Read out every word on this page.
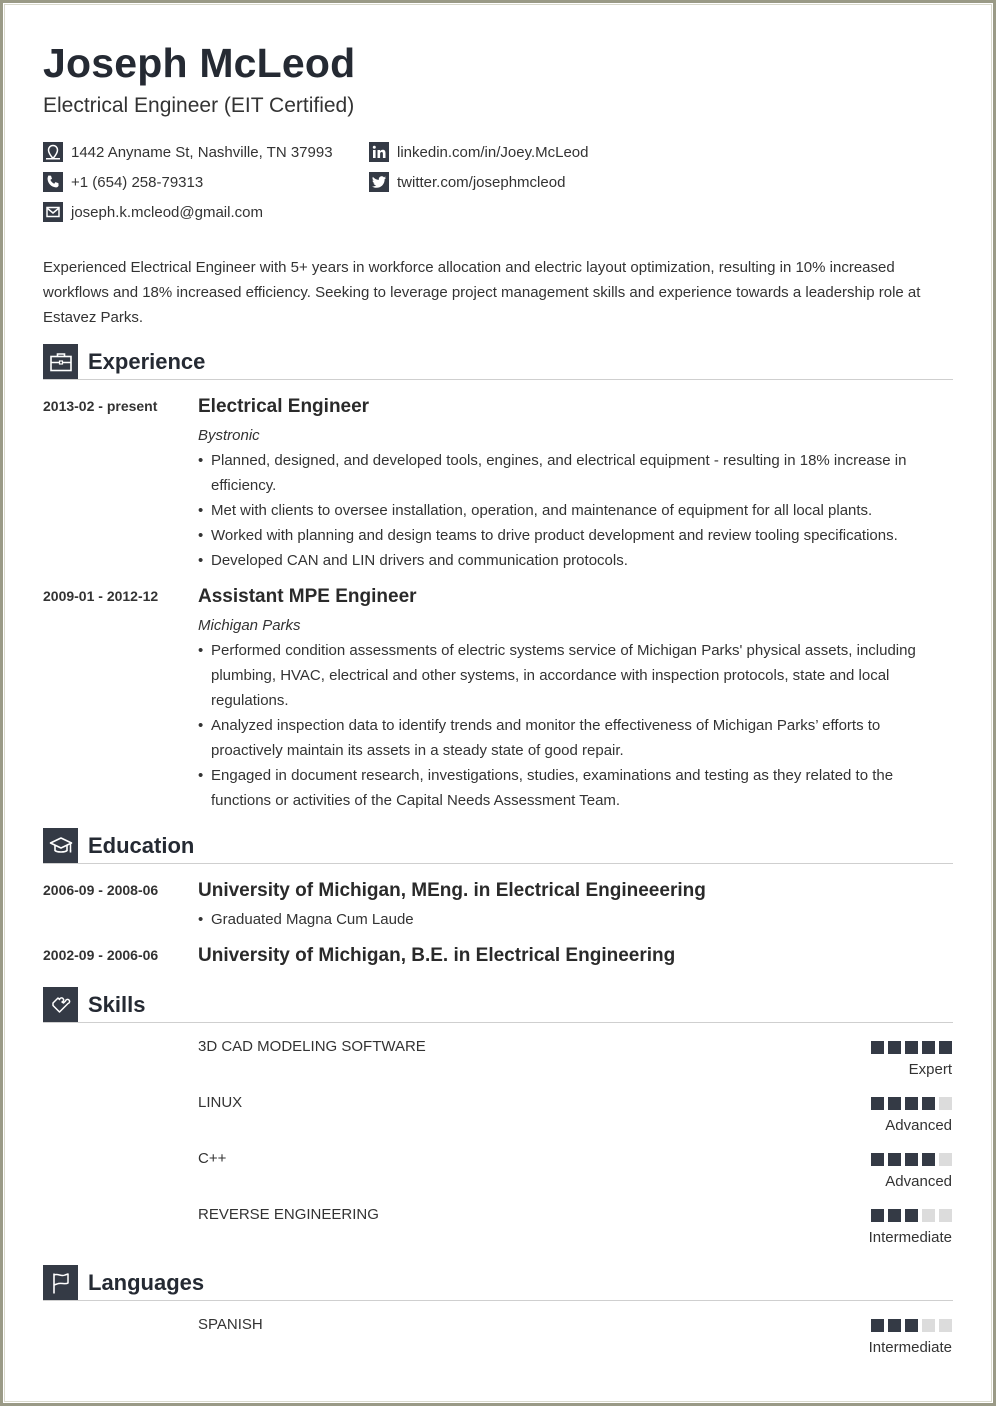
Joseph McLeod
Electrical Engineer (EIT Certified)
1442 Anyname St, Nashville, TN 37993
+1 (654) 258-79313
joseph.k.mcleod@gmail.com
linkedin.com/in/Joey.McLeod
twitter.com/josephmcleod

Experienced Electrical Engineer with 5+ years in workforce allocation and electric layout optimization, resulting in 10% increased workflows and 18% increased efficiency. Seeking to leverage project management skills and experience towards a leadership role at Estavez Parks.

Experience
2013-02 - present Electrical Engineer
Bystronic
• Planned, designed, and developed tools, engines, and electrical equipment - resulting in 18% increase in efficiency.
• Met with clients to oversee installation, operation, and maintenance of equipment for all local plants.
• Worked with planning and design teams to drive product development and review tooling specifications.
• Developed CAN and LIN drivers and communication protocols.
2009-01 - 2012-12 Assistant MPE Engineer
Michigan Parks
• Performed condition assessments of electric systems service of Michigan Parks' physical assets, including plumbing, HVAC, electrical and other systems, in accordance with inspection protocols, state and local regulations.
• Analyzed inspection data to identify trends and monitor the effectiveness of Michigan Parks’ efforts to proactively maintain its assets in a steady state of good repair.
• Engaged in document research, investigations, studies, examinations and testing as they related to the functions or activities of the Capital Needs Assessment Team.
Education
2006-09 - 2008-06 University of Michigan, MEng. in Electrical Engineeering
• Graduated Magna Cum Laude
2002-09 - 2006-06 University of Michigan, B.E. in Electrical Engineering
Skills
3D CAD MODELING SOFTWARE
Expert
LINUX
Advanced
C++
Advanced
REVERSE ENGINEERING
Intermediate
Languages
SPANISH
Intermediate
